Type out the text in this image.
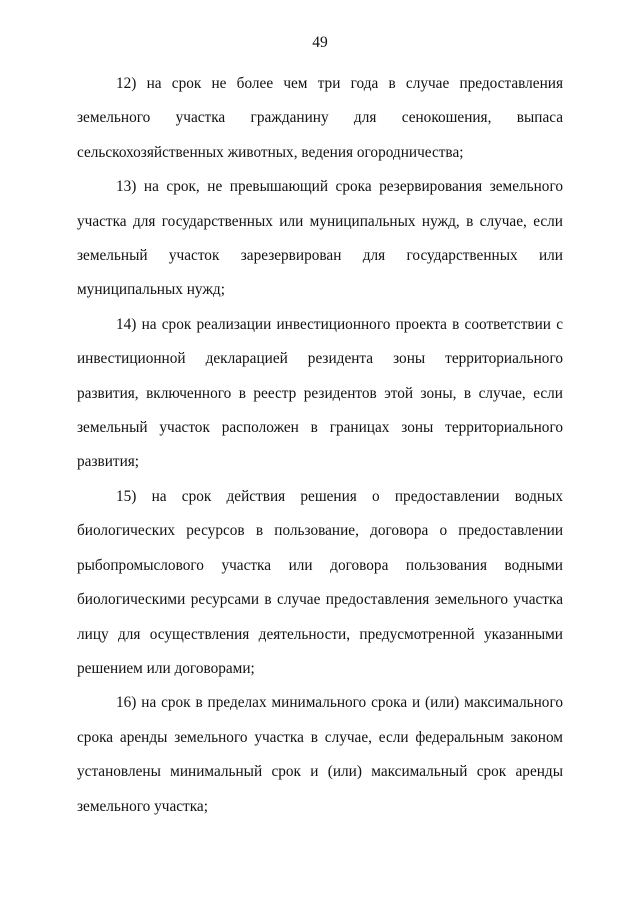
49

12) на срок не более чем три года в случае предоставления земельного участка гражданину для сенокошения, выпаса сельскохозяйственных животных, ведения огородничества;

13) на срок, не превышающий срока резервирования земельного участка для государственных или муниципальных нужд, в случае, если земельный участок зарезервирован для государственных или муниципальных нужд;

14) на срок реализации инвестиционного проекта в соответствии с инвестиционной декларацией резидента зоны территориального развития, включенного в реестр резидентов этой зоны, в случае, если земельный участок расположен в границах зоны территориального развития;

15) на срок действия решения о предоставлении водных биологических ресурсов в пользование, договора о предоставлении рыбопромыслового участка или договора пользования водными биологическими ресурсами в случае предоставления земельного участка лицу для осуществления деятельности, предусмотренной указанными решением или договорами;

16) на срок в пределах минимального срока и (или) максимального срока аренды земельного участка в случае, если федеральным законом установлены минимальный срок и (или) максимальный срок аренды земельного участка;
